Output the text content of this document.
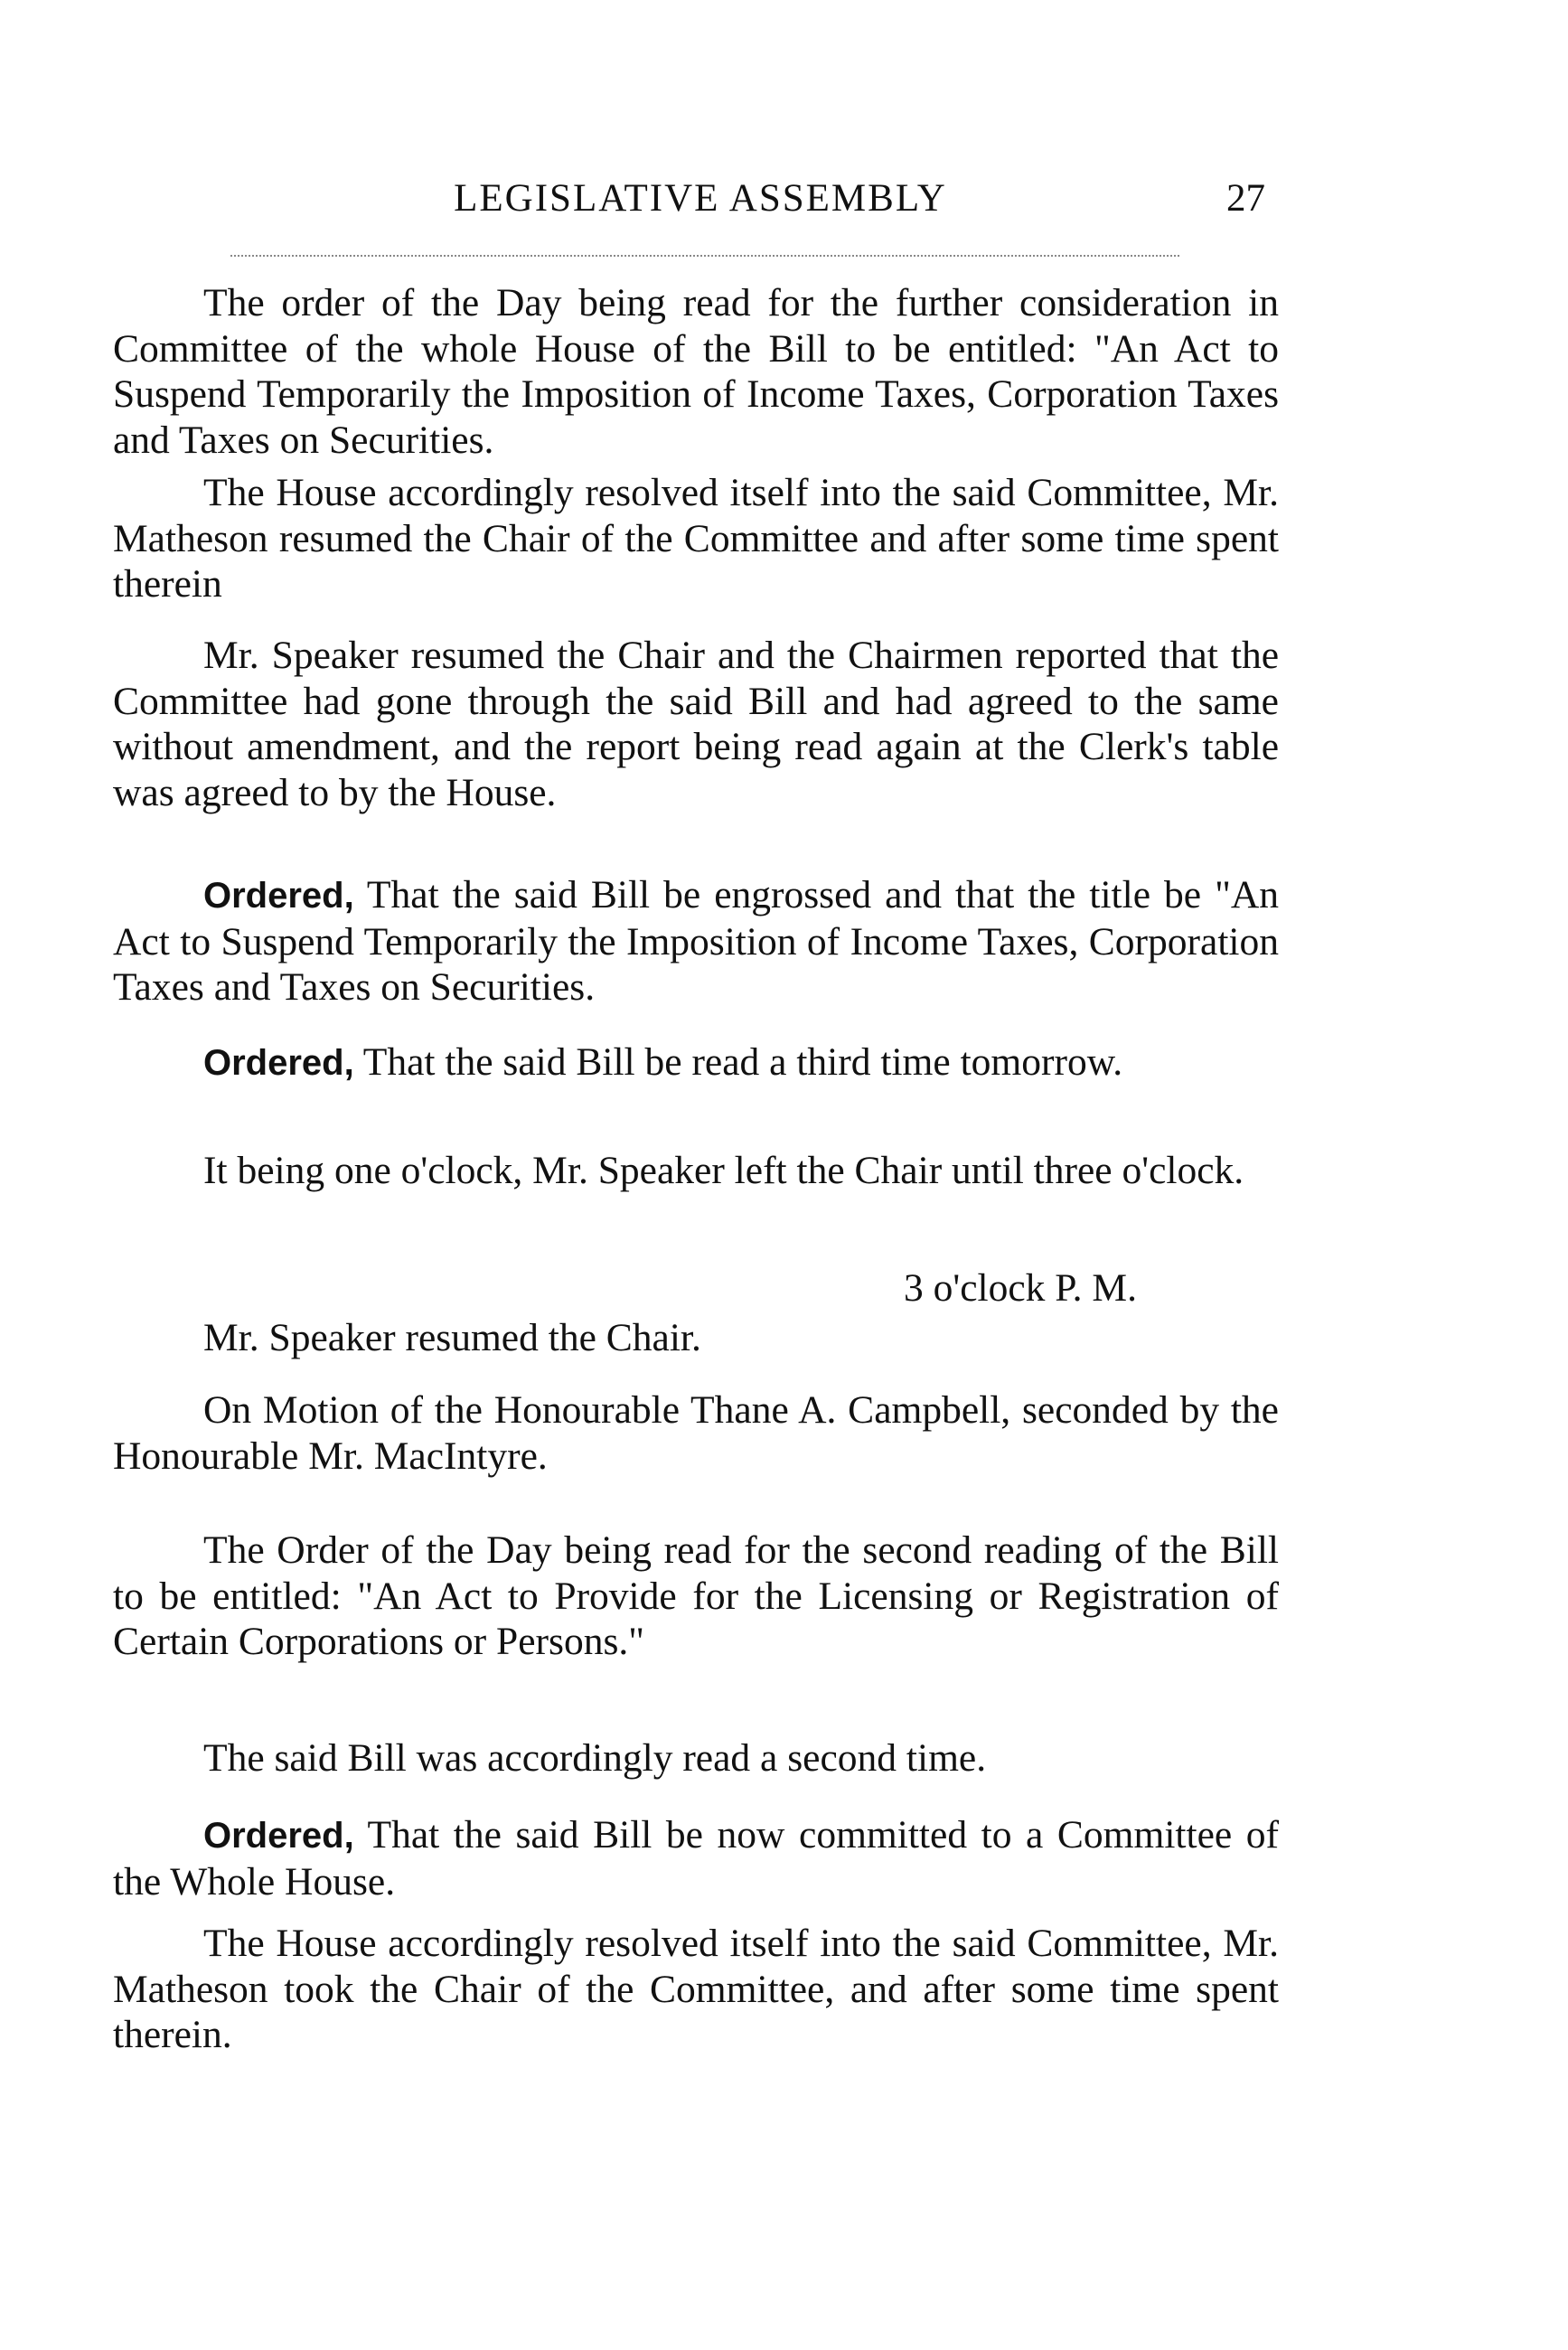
LEGISLATIVE ASSEMBLY	27

The order of the Day being read for the further consideration in Committee of the whole House of the Bill to be entitled: "An Act to Suspend Temporarily the Imposition of Income Taxes, Corporation Taxes and Taxes on Securities.

The House accordingly resolved itself into the said Committee, Mr. Matheson resumed the Chair of the Committee and after some time spent therein

Mr. Speaker resumed the Chair and the Chairmen reported that the Committee had gone through the said Bill and had agreed to the same without amendment, and the report being read again at the Clerk's table was agreed to by the House.

Ordered, That the said Bill be engrossed and that the title be "An Act to Suspend Temporarily the Imposition of Income Taxes, Corporation Taxes and Taxes on Securities.

Ordered, That the said Bill be read a third time tomorrow.

It being one o'clock, Mr. Speaker left the Chair until three o'clock.

3 o'clock P. M.

Mr. Speaker resumed the Chair.

On Motion of the Honourable Thane A. Campbell, seconded by the Honourable Mr. MacIntyre.

The Order of the Day being read for the second reading of the Bill to be entitled: "An Act to Provide for the Licensing or Registration of Certain Corporations or Persons."

The said Bill was accordingly read a second time.

Ordered, That the said Bill be now committed to a Committee of the Whole House.

The House accordingly resolved itself into the said Committee, Mr. Matheson took the Chair of the Committee, and after some time spent therein.
